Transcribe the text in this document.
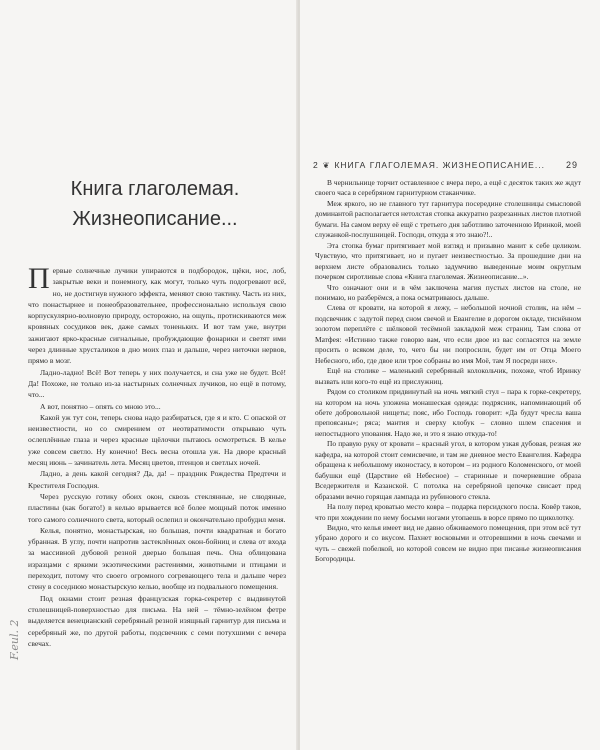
Книга глаголемая.
Жизнеописание...

Первые солнечные лучики упираются в подбородок, щёки, нос, лоб, закрытые веки и понемногу, как могут, только чуть подогревают всё, но, не достигнув нужного эффекта, меняют свою тактику. Часть из них, что понастырнее и понеобразовательнее, профессионально используя свою корпускулярно-волновую природу, осторожно, на ощупь, протискиваются меж кровяных сосудиков век, даже самых тоненьких. И вот там уже, внутри зажигают ярко-красные сигнальные, пробуждающие фонарики и светят ими через длинные хрусталиков в дно моих глаз и дальше, через ниточки нервов, прямо в мозг.

Ладно-ладно! Всё! Вот теперь у них получается, и сна уже не будет. Всё! Да! Похоже, не только из-за настырных солнечных лучиков, но ещё в потому, что...

А вот, понятно – опять со мною это...

Какой уж тут сон, теперь снова надо разбираться, где я и кто. С опаской от неизвестности, но со смирением от неотвратимости открываю чуть ослеплённые глаза и через красные щёлочки пытаюсь осмотреться. В келье уже совсем светло. Ну конечно! Весь весна отошла уж. На дворе красный месяц июнь – зачинатель лета. Месяц цветов, птенцов и светлых ночей.

Ладно, а день какой сегодня? Да, да! – праздник Рождества Предтечи и Крестителя Господня.

Через русскую готику обоих окон, сквозь стеклянные, не слюдяные, пластины (как богато!) в келью врывается всё более мощный поток именно того самого солнечного света, который ослепил и окончательно пробудил меня.

Келья, понятно, монастырская, но большая, почти квадратная и богато убранная. В углу, почти напротив застеклённых окон-бойниц и слева от входа за массивной дубовой резной дверью большая печь. Она облицована изразцами с яркими экзотическими растениями, животными и птицами и переходит, потому что своего огромного согревающего тела и дальше через стену в соседнюю монастырскую келью, вообще из подвального помещения.

Под окнами стоит резная французская горка-секретер с выдвинутой столешницей-поверхностью для письма. На ней – тёмно-зелёном фетре выделяется венецианский серебряный резной изящный гарнитур для письма и серебряный же, по другой работы, подсвечник с семи потухшими с вечера свечах.

F.eul. 2
2 ❦ КНИГА ГЛАГОЛЕМАЯ. ЖИЗНЕОПИСАНИЕ... 29

В чернильнице торчит оставленное с вчера перо, а ещё с десяток таких же ждут своего часа в серебряном гарнитурном стаканчике.

Меж яркого, но не главного тут гарнитура посередине столешницы смысловой доминантой располагается нетолстая стопка аккуратно разрезанных листов плотной бумаги. На самом верху её ещё с третьего дня заботливо заточенною Иринкой, моей служанкой-послушницей. Господи, откуда я это знаю?!..

Эта стопка бумаг притягивает мой взгляд и призывно манит к себе целиком. Чувствую, что притягивает, но и пугает неизвестностью. За прошедшие дни на верхнем листе образовались только задумчиво выведенные моим округлым почерком сиротливые слова «Книга глаголемая. Жизнеописание...».

Что означают они и в чём заключена магия пустых листов на столе, не понимаю, но разберёмся, а пока осматриваюсь дальше.

Слева от кровати, на которой я лежу, – небольшой ночной столик, на нём – подсвечник с задутой перед сном свечой и Евангелие в дорогом окладе, тиснённом золотом переплёте с шёлковой тесёмной закладкой меж страниц. Там слова от Матфея: «Истинно также говорю вам, что если двое из вас согласятся на земле просить о всяком деле, то, чего бы ни попросили, будет им от Отца Моего Небесного, ибо, где двое или трое собраны во имя Моё, там Я посреди них».

Ещё на столике – маленький серебряный колокольчик, похоже, чтоб Иринку вызвать или кого-то ещё из прислужниц.

Рядом со столиком придвинутый на ночь мягкий стул – пара к горке-секретеру, на котором на ночь уложена монашеская одежда: подрясник, напоминающий об обете добровольной нищеты; пояс, ибо Господь говорит: «Да будут чресла ваша препоясаны»; ряса; мантия и сверху клобук – словно шлем спасения и непостыдного упования. Надо же, и это я знаю откуда-то!

По правую руку от кровати – красный угол, в котором узкая дубовая, резная же кафедра, на которой стоит семисвечие, и там же дневное место Евангелия. Кафедра обращена к небольшому иконостасу, в котором – из родного Коломенского, от моей бабушки ещё (Царствие ей Небесное) – старинные и почерневшие образа Вседержителя и Казанской. С потолка на серебряной цепочке свисает пред образами вечно горящая лампада из рубинового стекла.

На полу перед кроватью место ковра – подарка персидского посла. Ковёр таков, что при хождении по нему босыми ногами утопаешь в ворсе прямо по щиколотку.

Видно, что келья имеет вид не давно обживаемого помещения, при этом всё тут убрано дорого и со вкусом. Пахнет восковыми и отгоревшими в ночь свечами и чуть – свежей побелкой, но которой совсем не видно при писанье жизнеописания Богородицы.
